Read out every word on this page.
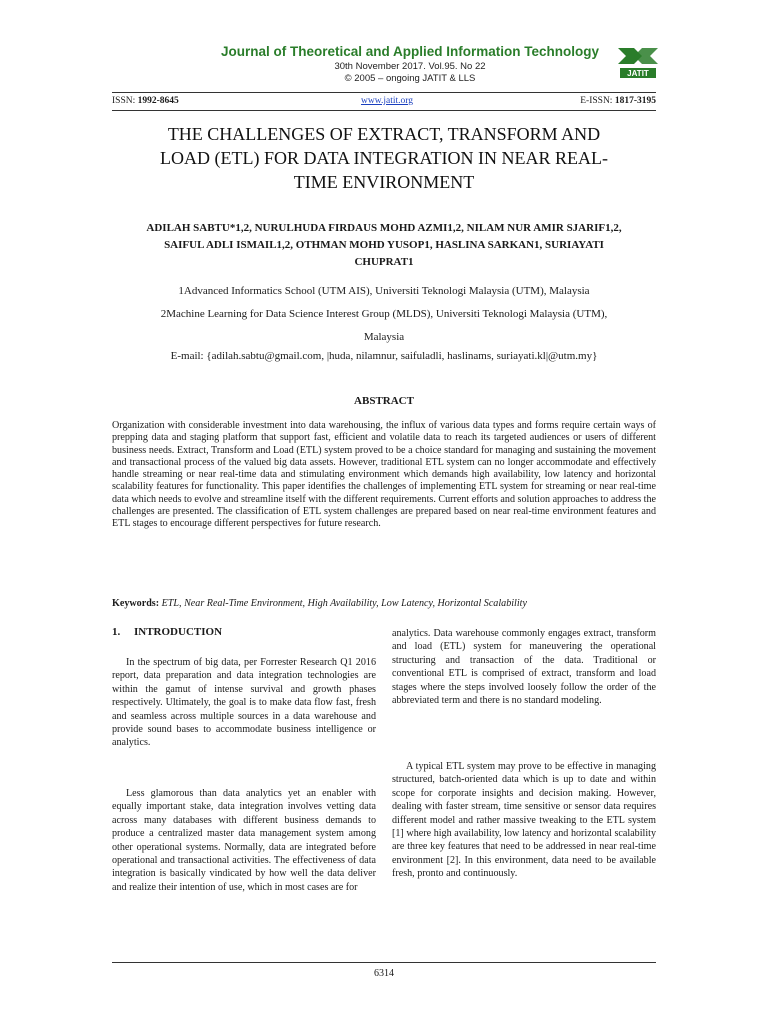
Journal of Theoretical and Applied Information Technology
30th November 2017. Vol.95. No 22
© 2005 – ongoing JATIT & LLS	JATIT
ISSN: 1992-8645	www.jatit.org	E-ISSN: 1817-3195
THE CHALLENGES OF EXTRACT, TRANSFORM AND
LOAD (ETL) FOR DATA INTEGRATION IN NEAR REAL-
TIME ENVIRONMENT
ADILAH SABTU*1,2, NURULHUDA FIRDAUS MOHD AZMI1,2, NILAM NUR AMIR SJARIF1,2,
SAIFUL ADLI ISMAIL1,2, OTHMAN MOHD YUSOP1, HASLINA SARKAN1, SURIAYATI
CHUPRAT1
1Advanced Informatics School (UTM AIS), Universiti Teknologi Malaysia (UTM), Malaysia
2Machine Learning for Data Science Interest Group (MLDS), Universiti Teknologi Malaysia (UTM),
Malaysia
E-mail: {adilah.sabtu@gmail.com, |huda, nilamnur, saifuladli, haslinams, suriayati.kl|@utm.my}
ABSTRACT
Organization with considerable investment into data warehousing, the influx of various data types and forms require certain ways of prepping data and staging platform that support fast, efficient and volatile data to reach its targeted audiences or users of different business needs. Extract, Transform and Load (ETL) system proved to be a choice standard for managing and sustaining the movement and transactional process of the valued big data assets. However, traditional ETL system can no longer accommodate and effectively handle streaming or near real-time data and stimulating environment which demands high availability, low latency and horizontal scalability features for functionality. This paper identifies the challenges of implementing ETL system for streaming or near real-time data which needs to evolve and streamline itself with the different requirements. Current efforts and solution approaches to address the challenges are presented. The classification of ETL system challenges are prepared based on near real-time environment features and ETL stages to encourage different perspectives for future research.
Keywords: ETL, Near Real-Time Environment, High Availability, Low Latency, Horizontal Scalability
1. INTRODUCTION

In the spectrum of big data, per Forrester Research Q1 2016 report, data preparation and data integration technologies are within the gamut of intense survival and growth phases respectively. Ultimately, the goal is to make data flow fast, fresh and seamless across multiple sources in a data warehouse and provide sound bases to accommodate business intelligence or analytics.

Less glamorous than data analytics yet an enabler with equally important stake, data integration involves vetting data across many databases with different business demands to produce a centralized master data management system among other operational systems. Normally, data are integrated before operational and transactional activities. The effectiveness of data integration is basically vindicated by how well the data deliver and realize their intention of use, which in most cases are for

analytics. Data warehouse commonly engages extract, transform and load (ETL) system for maneuvering the operational structuring and transaction of the data. Traditional or conventional ETL is comprised of extract, transform and load stages where the steps involved loosely follow the order of the abbreviated term and there is no standard modeling.

A typical ETL system may prove to be effective in managing structured, batch-oriented data which is up to date and within scope for corporate insights and decision making. However, dealing with faster stream, time sensitive or sensor data requires different model and rather massive tweaking to the ETL system [1] where high availability, low latency and horizontal scalability are three key features that need to be addressed in near real-time environment [2]. In this environment, data need to be available fresh, pronto and continuously.

6314
